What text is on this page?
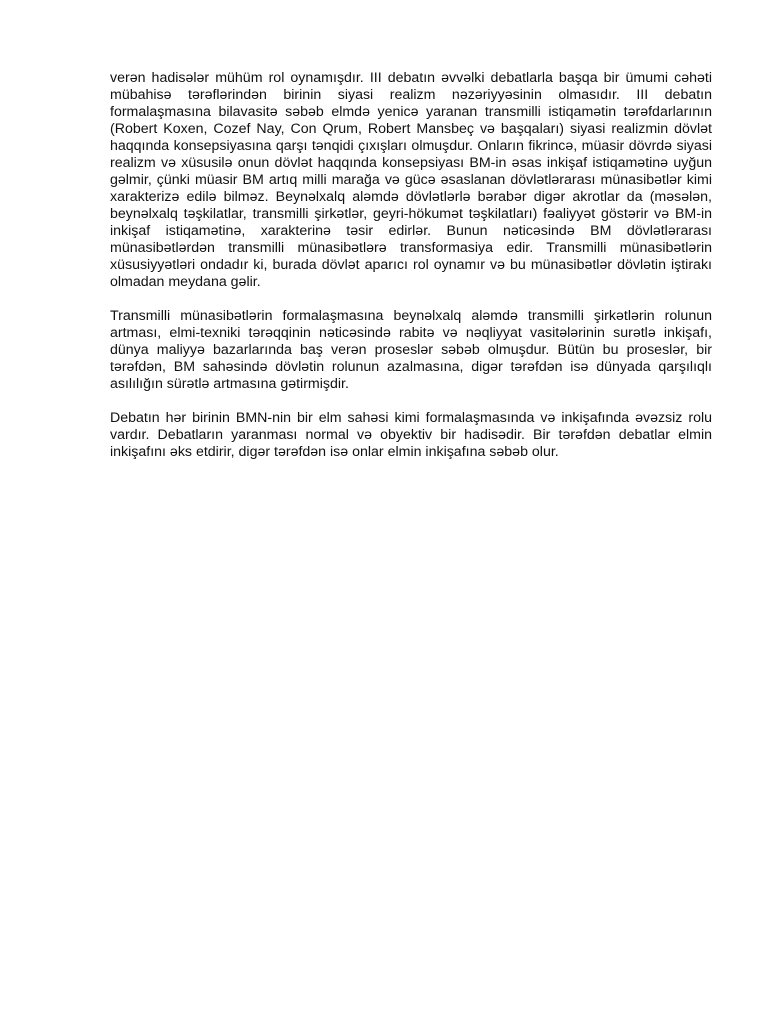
verən hadisələr mühüm rol oynamışdır. III debatın əvvəlki debatlarla başqa bir ümumi cəhəti mübahisə tərəflərindən birinin siyasi realizm nəzəriyyəsinin olmasıdır. III debatın formalaşmasına bilavasitə səbəb elmdə yenicə yaranan transmilli istiqamətin tərəfdarlarının (Robert Koxen, Cozef Nay, Con Qrum, Robert Mansbeç və başqaları) siyasi realizmin dövlət haqqında konsepsiyasına qarşı tənqidi çıxışları olmuşdur. Onların fikrincə, müasir dövrdə siyasi realizm və xüsusilə onun dövlət haqqında konsepsiyası BM-in əsas inkişaf istiqamətinə uyğun gəlmir, çünki müasir BM artıq milli marağa və gücə əsaslanan dövlətlərarası münasibətlər kimi xarakterizə edilə bilməz. Beynəlxalq aləmdə dövlətlərlə bərabər digər akrotlar da (məsələn, beynəlxalq təşkilatlar, transmilli şirkətlər, geyri-hökumət təşkilatları) fəaliyyət göstərir və BM-in inkişaf istiqamətinə, xarakterinə təsir edirlər. Bunun nəticəsində BM dövlətlərarası münasibətlərdən transmilli münasibətlərə transformasiya edir. Transmilli münasibətlərin xüsusiyyətləri ondadır ki, burada dövlət aparıcı rol oynamır və bu münasibətlər dövlətin iştirakı olmadan meydana gəlir.

Transmilli münasibətlərin formalaşmasına beynəlxalq aləmdə transmilli şirkətlərin rolunun artması, elmi-texniki tərəqqinin nəticəsində rabitə və nəqliyyat vasitələrinin surətlə inkişafı, dünya maliyyə bazarlarında baş verən proseslər səbəb olmuşdur. Bütün bu proseslər, bir tərəfdən, BM sahəsində dövlətin rolunun azalmasına, digər tərəfdən isə dünyada qarşılıqlı asılılığın sürətlə artmasına gətirmişdir.

Debatın hər birinin BMN-nin bir elm sahəsi kimi formalaşmasında və inkişafında əvəzsiz rolu vardır. Debatların yaranması normal və obyektiv bir hadisədir. Bir tərəfdən debatlar elmin inkişafını əks etdirir, digər tərəfdən isə onlar elmin inkişafına səbəb olur.
